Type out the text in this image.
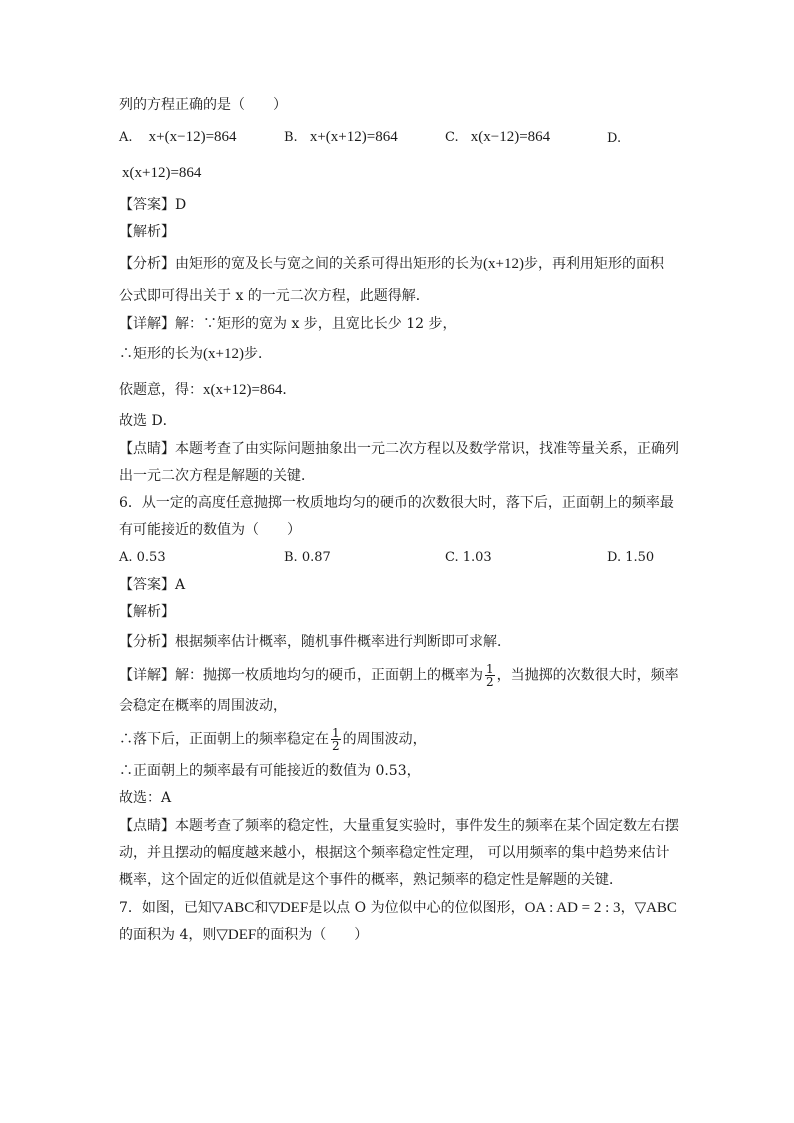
列的方程正确的是（　　）
A. x+(x−12)=864	B. x+(x+12)=864	C. x(x−12)=864	D.
x(x+12)=864
【答案】D
【解析】
【分析】由矩形的宽及长与宽之间的关系可得出矩形的长为(x+12)步，再利用矩形的面积
公式即可得出关于 x 的一元二次方程，此题得解．
【详解】解：∵矩形的宽为 x 步，且宽比长少 12 步，
∴矩形的长为(x+12)步．
依题意，得：x(x+12)=864．
故选 D．
【点睛】本题考查了由实际问题抽象出一元二次方程以及数学常识，找准等量关系，正确列
出一元二次方程是解题的关键．
6．从一定的高度任意抛掷一枚质地均匀的硬币的次数很大时，落下后，正面朝上的频率最
有可能接近的数值为（　　）
A. 0.53	B. 0.87	C. 1.03	D. 1.50
【答案】A
【解析】
【分析】根据频率估计概率，随机事件概率进行判断即可求解．
【详解】解：抛掷一枚质地均匀的硬币，正面朝上的概率为 $\frac{1}{2}$ ，当抛掷的次数很大时，频率
会稳定在概率的周围波动，
∴落下后，正面朝上的频率稳定在 $\frac{1}{2}$ 的周围波动，
∴正面朝上的频率最有可能接近的数值为 0.53，
故选：A
【点睛】本题考查了频率的稳定性，大量重复实验时，事件发生的频率在某个固定数左右摆
动，并且摆动的幅度越来越小，根据这个频率稳定性定理， 可以用频率的集中趋势来估计
概率，这个固定的近似值就是这个事件的概率，熟记频率的稳定性是解题的关键．
7．如图，已知▽ABC和▽DEF是以点 O 为位似中心的位似图形，OA : AD = 2 : 3，▽ABC
的面积为 4，则▽DEF的面积为（　　）
